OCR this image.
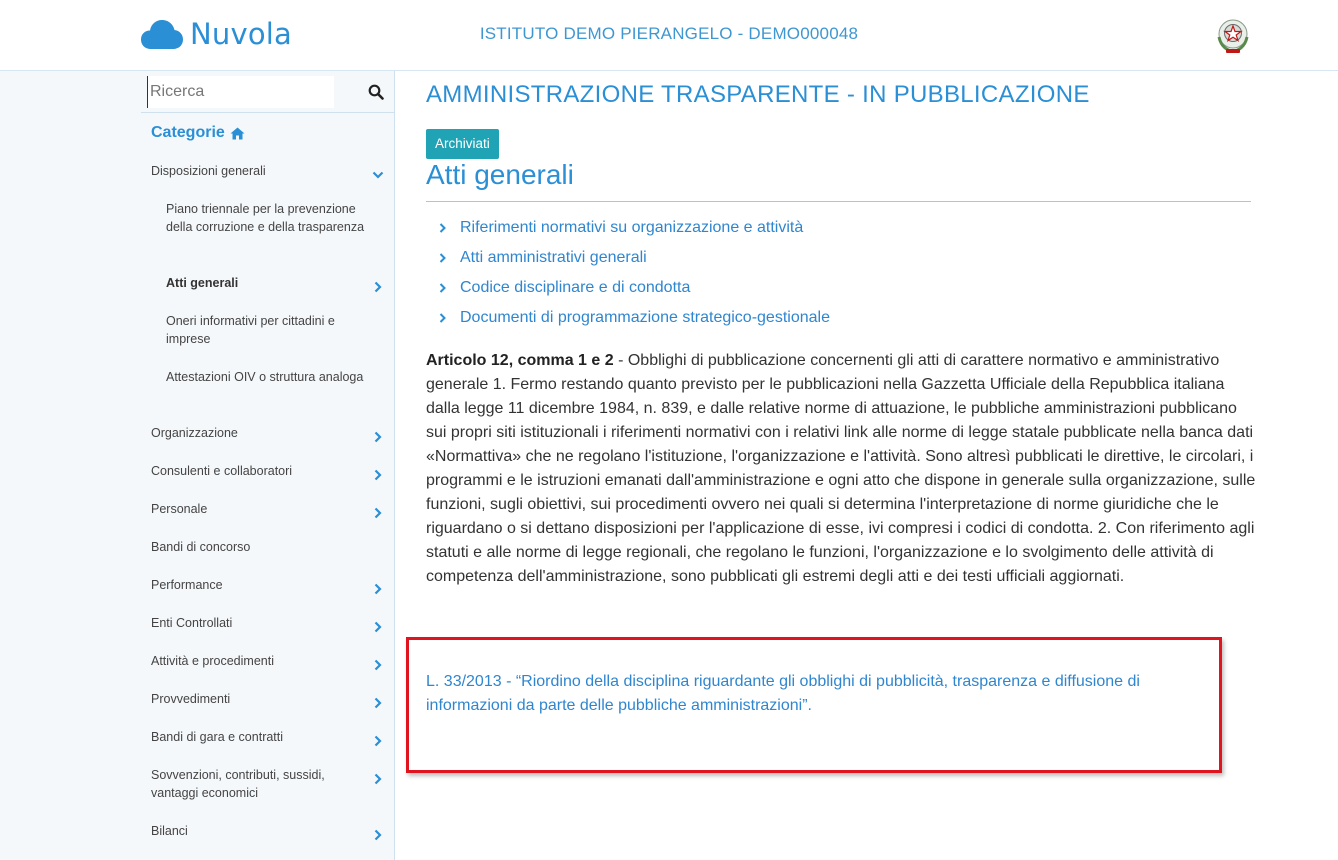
Nuvola	ISTITUTO DEMO PIERANGELO - DEMO000048
Ricerca
Categorie
Disposizioni generali
Piano triennale per la prevenzione della corruzione e della trasparenza
Atti generali
Oneri informativi per cittadini e imprese
Attestazioni OIV o struttura analoga
Organizzazione
Consulenti e collaboratori
Personale
Bandi di concorso
Performance
Enti Controllati
Attività e procedimenti
Provvedimenti
Bandi di gara e contratti
Sovvenzioni, contributi, sussidi, vantaggi economici
Bilanci
AMMINISTRAZIONE TRASPARENTE - IN PUBBLICAZIONE
Archiviati
Atti generali
Riferimenti normativi su organizzazione e attività
Atti amministrativi generali
Codice disciplinare e di condotta
Documenti di programmazione strategico-gestionale
Articolo 12, comma 1 e 2 - Obblighi di pubblicazione concernenti gli atti di carattere normativo e amministrativo generale 1. Fermo restando quanto previsto per le pubblicazioni nella Gazzetta Ufficiale della Repubblica italiana dalla legge 11 dicembre 1984, n. 839, e dalle relative norme di attuazione, le pubbliche amministrazioni pubblicano sui propri siti istituzionali i riferimenti normativi con i relativi link alle norme di legge statale pubblicate nella banca dati «Normattiva» che ne regolano l'istituzione, l'organizzazione e l'attività. Sono altresì pubblicati le direttive, le circolari, i programmi e le istruzioni emanati dall'amministrazione e ogni atto che dispone in generale sulla organizzazione, sulle funzioni, sugli obiettivi, sui procedimenti ovvero nei quali si determina l'interpretazione di norme giuridiche che le riguardano o si dettano disposizioni per l'applicazione di esse, ivi compresi i codici di condotta. 2. Con riferimento agli statuti e alle norme di legge regionali, che regolano le funzioni, l'organizzazione e lo svolgimento delle attività di competenza dell'amministrazione, sono pubblicati gli estremi degli atti e dei testi ufficiali aggiornati.
L. 33/2013 - “Riordino della disciplina riguardante gli obblighi di pubblicità, trasparenza e diffusione di informazioni da parte delle pubbliche amministrazioni”.
